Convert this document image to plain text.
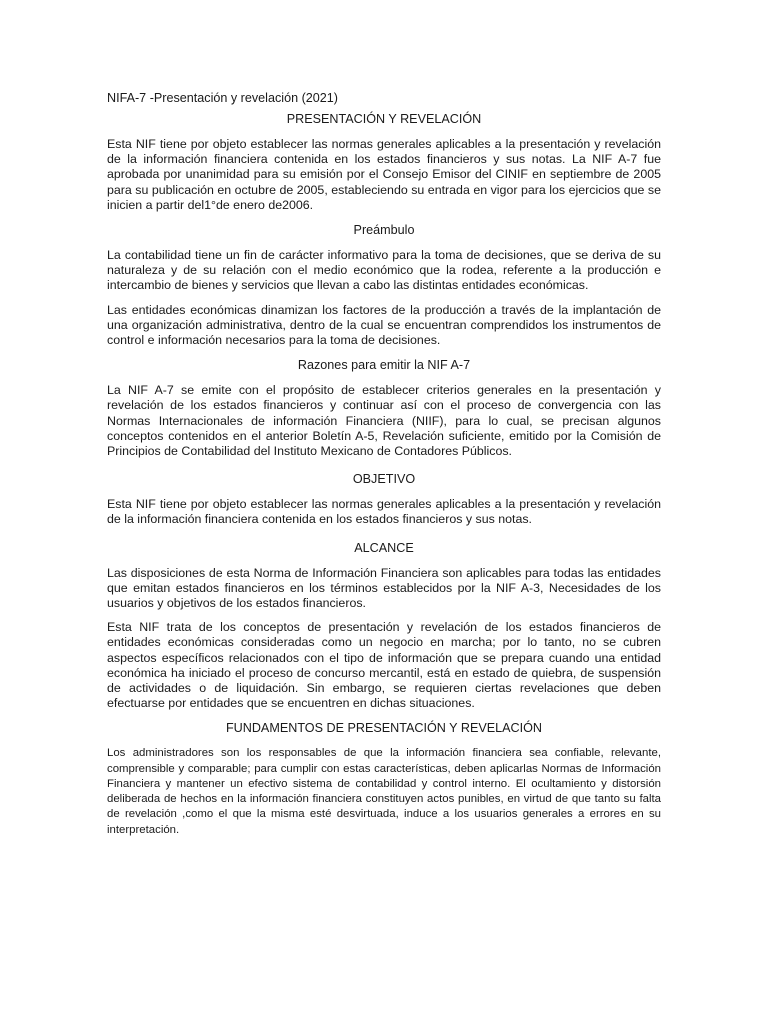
NIFA-7 -Presentación y revelación (2021)

PRESENTACIÓN Y REVELACIÓN

Esta NIF tiene por objeto establecer las normas generales aplicables a la presentación y revelación de la información financiera contenida en los estados financieros y sus notas. La NIF A-7 fue aprobada por unanimidad para su emisión por el Consejo Emisor del CINIF en septiembre de 2005 para su publicación en octubre de 2005, estableciendo su entrada en vigor para los ejercicios que se inicien a partir del1°de enero de2006.

Preámbulo

La contabilidad tiene un fin de carácter informativo para la toma de decisiones, que se deriva de su naturaleza y de su relación con el medio económico que la rodea, referente a la producción e intercambio de bienes y servicios que llevan a cabo las distintas entidades económicas.

Las entidades económicas dinamizan los factores de la producción a través de la implantación de una organización administrativa, dentro de la cual se encuentran comprendidos los instrumentos de control e información necesarios para la toma de decisiones.

Razones para emitir la NIF A-7

La NIF A-7 se emite con el propósito de establecer criterios generales en la presentación y revelación de los estados financieros y continuar así con el proceso de convergencia con las Normas Internacionales de información Financiera (NIIF), para lo cual, se precisan algunos conceptos contenidos en el anterior Boletín A-5, Revelación suficiente, emitido por la Comisión de Principios de Contabilidad del Instituto Mexicano de Contadores Públicos.

OBJETIVO

Esta NIF tiene por objeto establecer las normas generales aplicables a la presentación y revelación de la información financiera contenida en los estados financieros y sus notas.

ALCANCE

Las disposiciones de esta Norma de Información Financiera son aplicables para todas las entidades que emitan estados financieros en los términos establecidos por la NIF A-3, Necesidades de los usuarios y objetivos de los estados financieros.

Esta NIF trata de los conceptos de presentación y revelación de los estados financieros de entidades económicas consideradas como un negocio en marcha; por lo tanto, no se cubren aspectos específicos relacionados con el tipo de información que se prepara cuando una entidad económica ha iniciado el proceso de concurso mercantil, está en estado de quiebra, de suspensión de actividades o de liquidación. Sin embargo, se requieren ciertas revelaciones que deben efectuarse por entidades que se encuentren en dichas situaciones.

FUNDAMENTOS DE PRESENTACIÓN Y REVELACIÓN

Los administradores son los responsables de que la información financiera sea confiable, relevante, comprensible y comparable; para cumplir con estas características, deben aplicarlas Normas de Información Financiera y mantener un efectivo sistema de contabilidad y control interno. El ocultamiento y distorsión deliberada de hechos en la información financiera constituyen actos punibles, en virtud de que tanto su falta de revelación ,como el que la misma esté desvirtuada, induce a los usuarios generales a errores en su interpretación.
